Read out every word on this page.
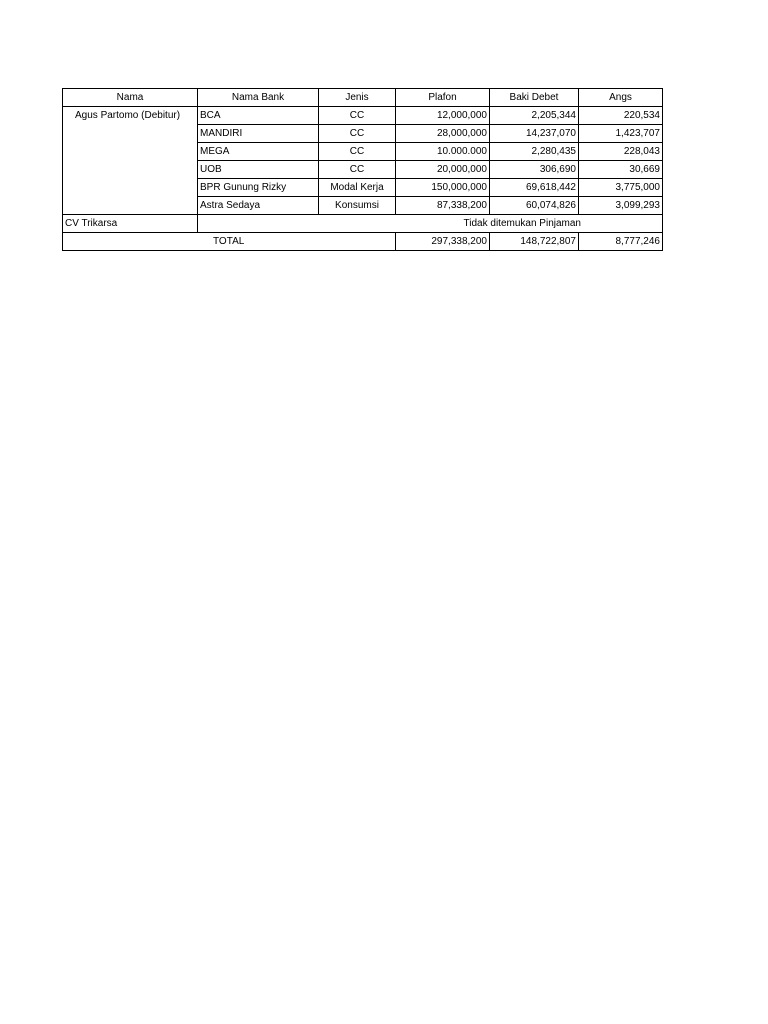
Nama	Nama Bank	Jenis	Plafon	Baki Debet	Angs
Agus Partomo (Debitur)	BCA	CC	12,000,000	2,205,344	220,534
	MANDIRI	CC	28,000,000	14,237,070	1,423,707
	MEGA	CC	10.000.000	2,280,435	228,043
	UOB	CC	20,000,000	306,690	30,669
	BPR Gunung Rizky	Modal Kerja	150,000,000	69,618,442	3,775,000
	Astra Sedaya	Konsumsi	87,338,200	60,074,826	3,099,293
CV Trikarsa	Tidak ditemukan Pinjaman				
TOTAL			297,338,200	148,722,807	8,777,246
